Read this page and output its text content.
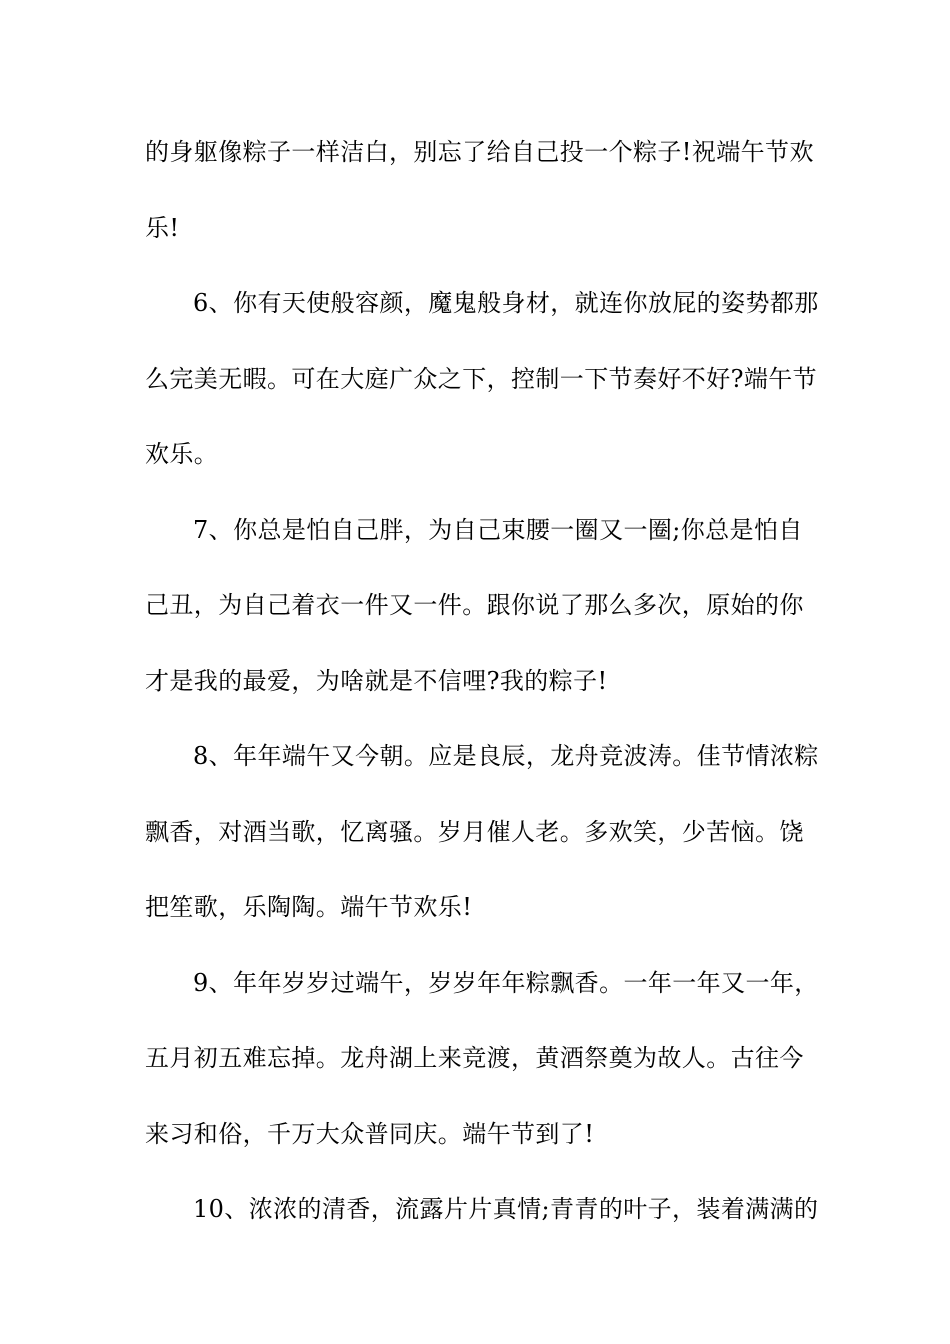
的身躯像粽子一样洁白，别忘了给自己投一个粽子!祝端午节欢
乐!
6、你有天使般容颜，魔鬼般身材，就连你放屁的姿势都那
么完美无暇。可在大庭广众之下，控制一下节奏好不好?端午节
欢乐。
7、你总是怕自己胖，为自己束腰一圈又一圈;你总是怕自
己丑，为自己着衣一件又一件。跟你说了那么多次，原始的你
才是我的最爱，为啥就是不信哩?我的粽子!
8、年年端午又今朝。应是良辰，龙舟竞波涛。佳节情浓粽
飘香，对酒当歌，忆离骚。岁月催人老。多欢笑，少苦恼。饶
把笙歌，乐陶陶。端午节欢乐!
9、年年岁岁过端午，岁岁年年粽飘香。一年一年又一年，
五月初五难忘掉。龙舟湖上来竞渡，黄酒祭奠为故人。古往今
来习和俗，千万大众普同庆。端午节到了!
10、浓浓的清香，流露片片真情;青青的叶子，装着满满的
